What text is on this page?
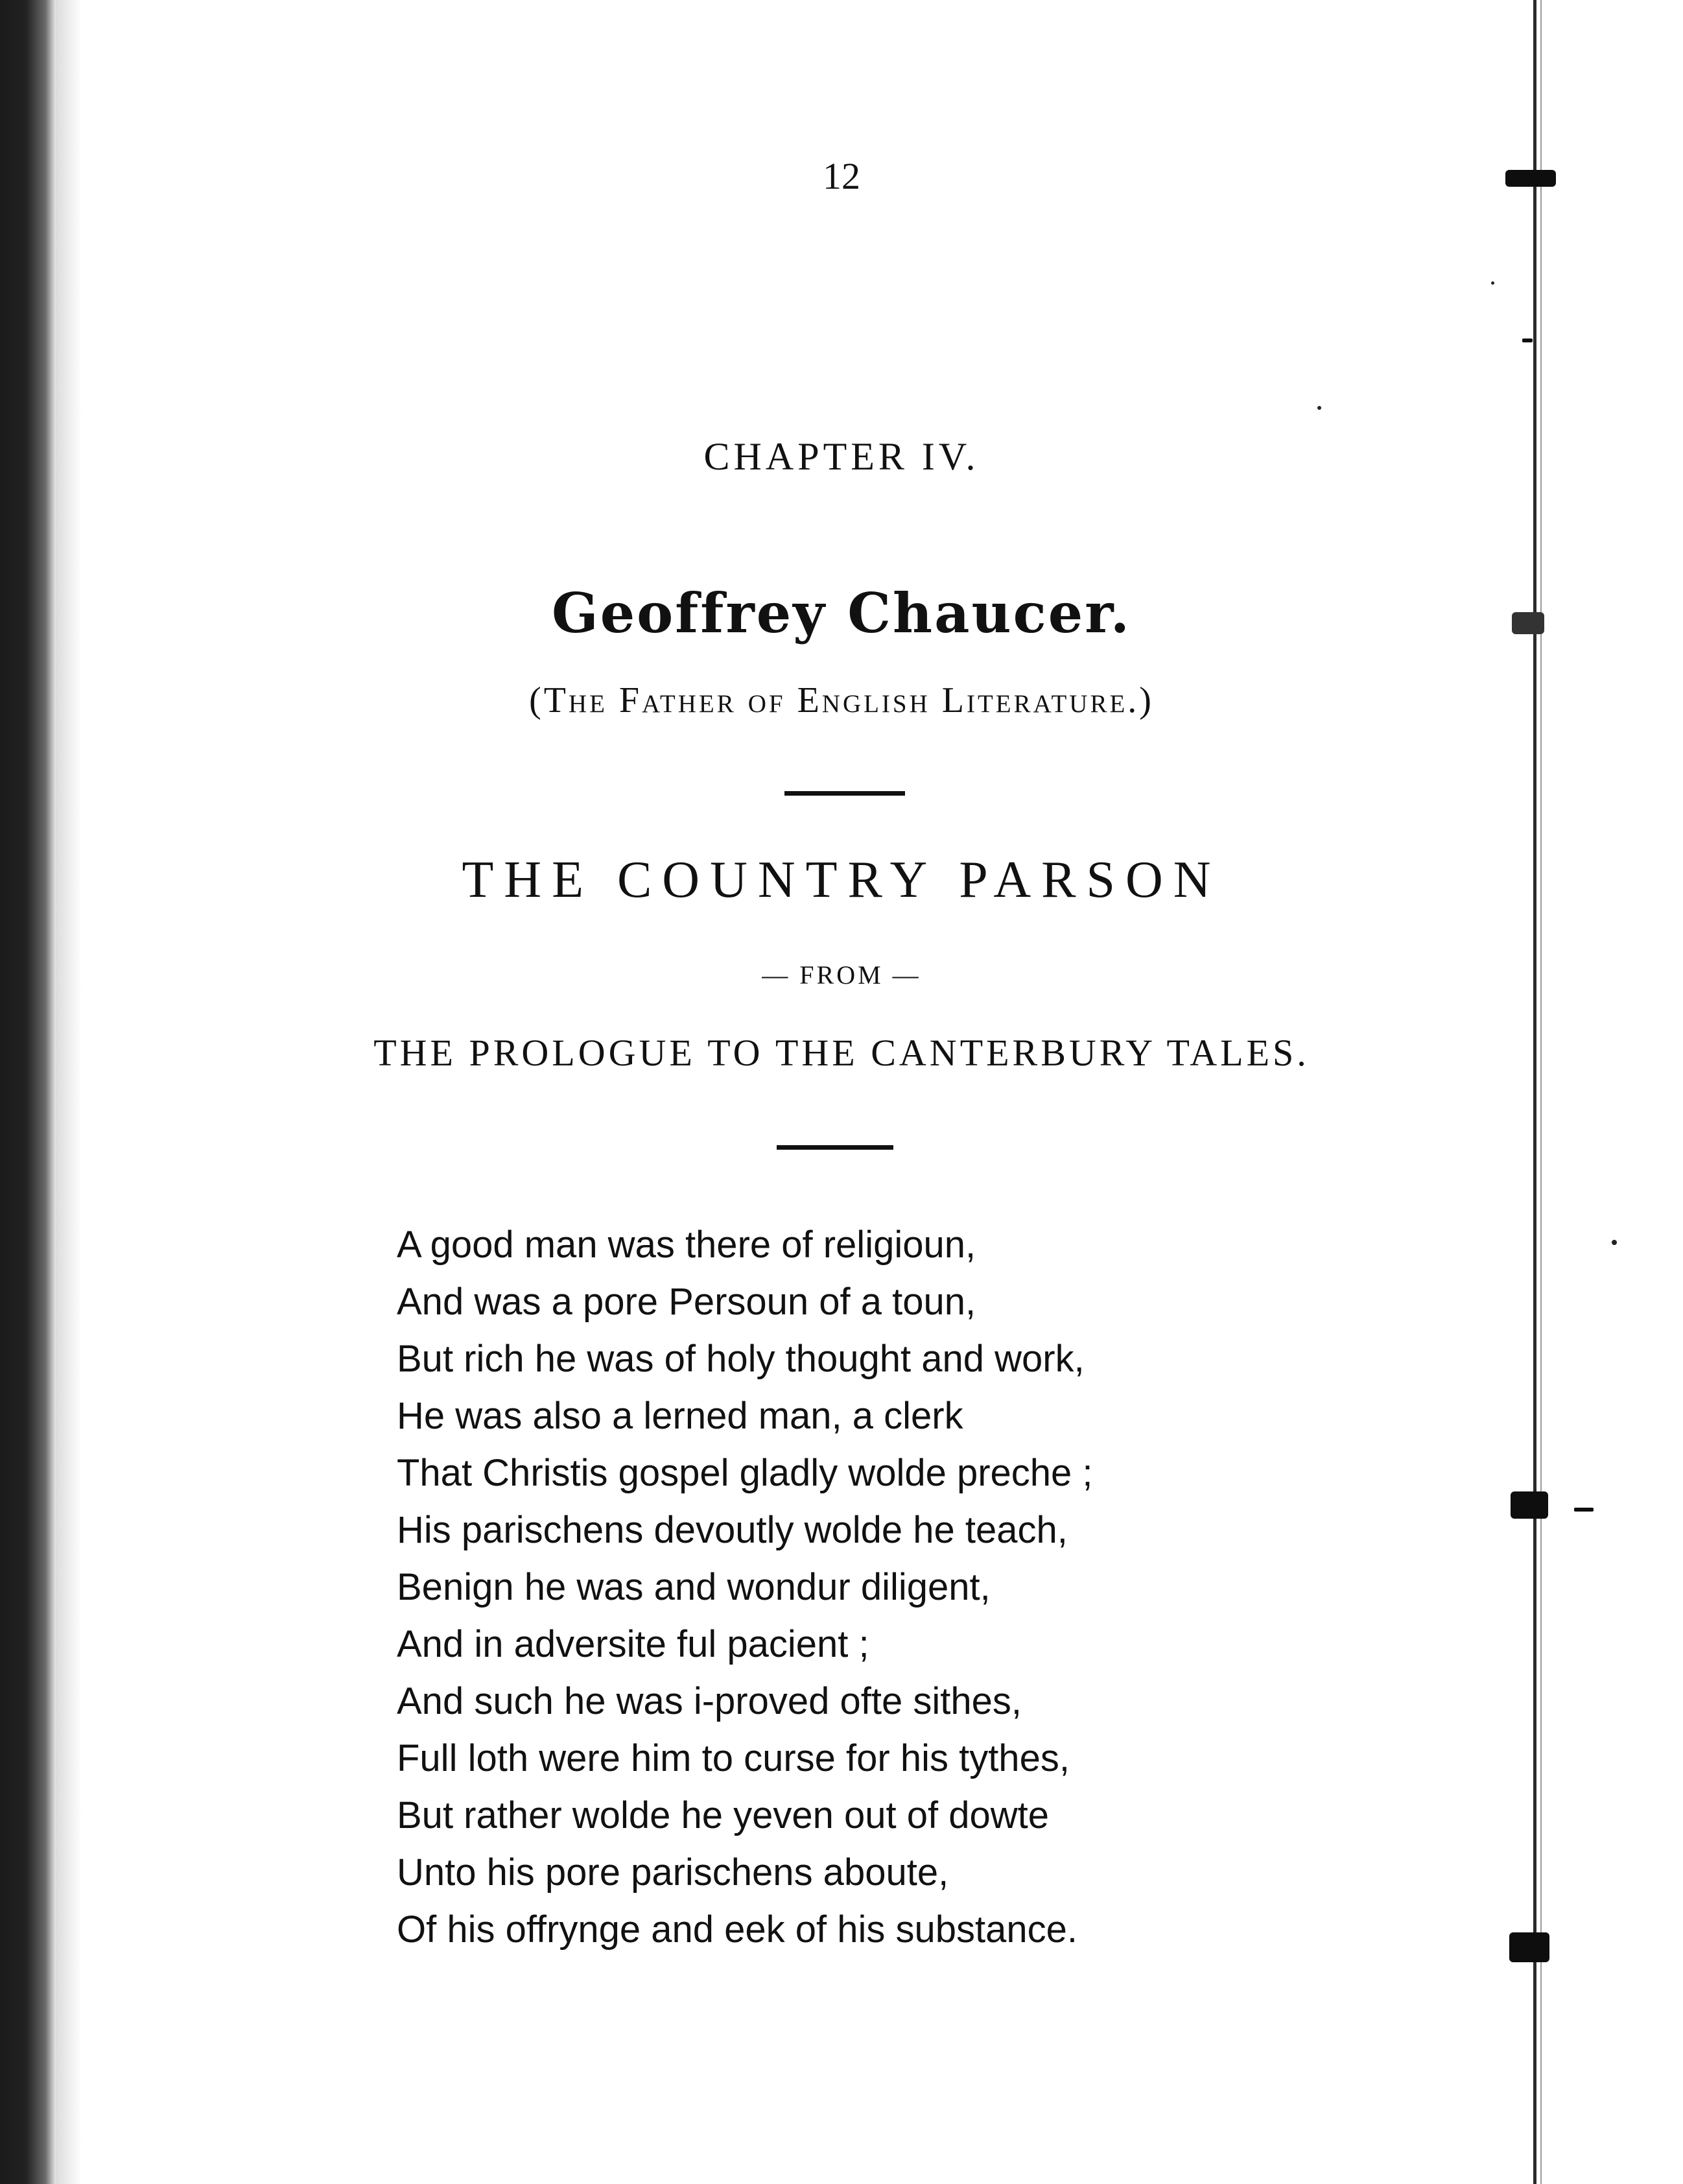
12
CHAPTER IV.
Geoffrey Chaucer.
(The Father of English Literature.)
THE COUNTRY PARSON
— FROM —
THE PROLOGUE TO THE CANTERBURY TALES.
A good man was there of religioun,
And was a pore Persoun of a toun,
But rich he was of holy thought and work,
He was also a lerned man, a clerk
That Christis gospel gladly wolde preche ;
His parischens devoutly wolde he teach,
Benign he was and wondur diligent,
And in adversite ful pacient ;
And such he was i-proved ofte sithes,
Full loth were him to curse for his tythes,
But rather wolde he yeven out of dowte
Unto his pore parischens aboute,
Of his offrynge and eek of his substance.
